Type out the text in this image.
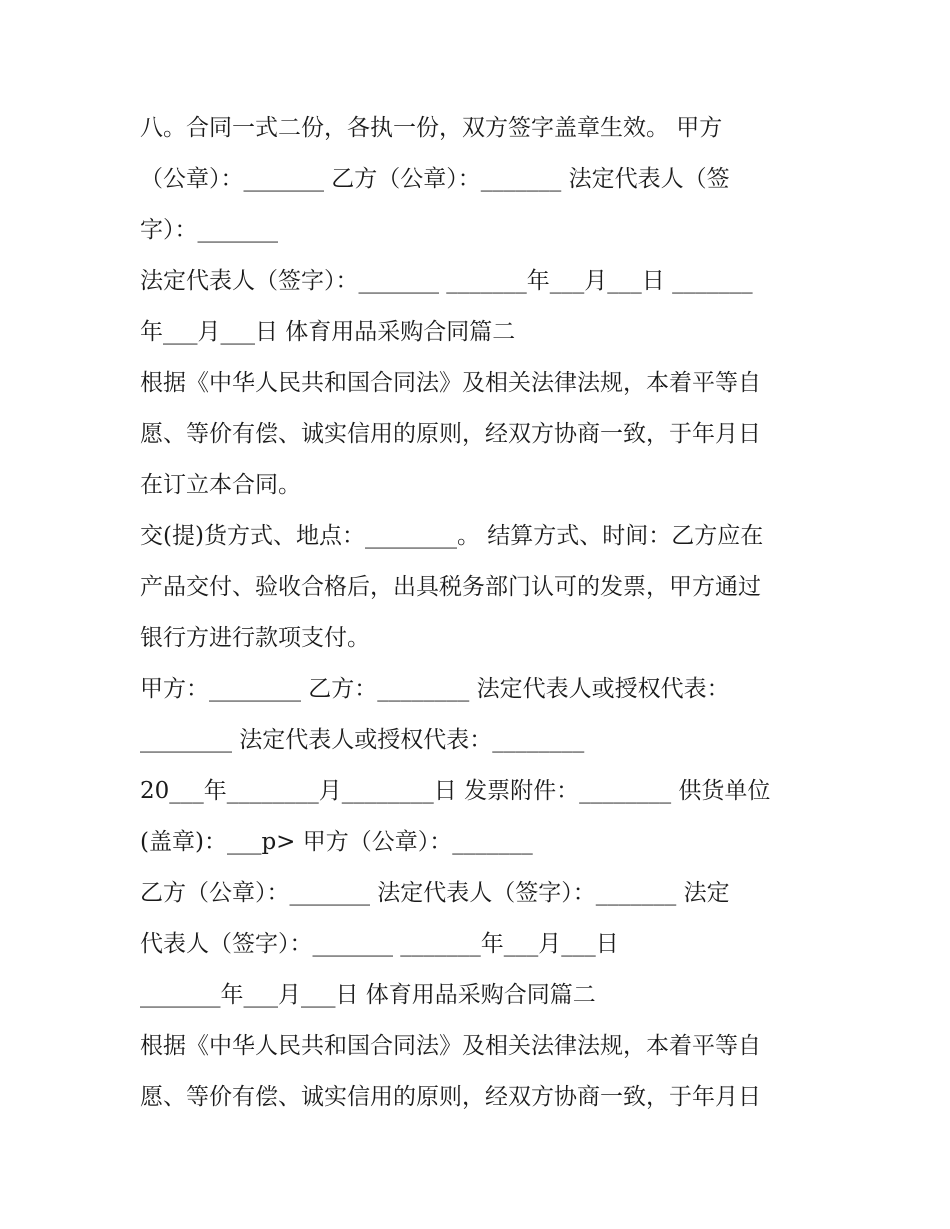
八。合同一式二份，各执一份，双方签字盖章生效。 甲方
（公章）：_______ 乙方（公章）：_______ 法定代表人（签
字）：_______
法定代表人（签字）：_______ _______年___月___日 _______
年___月___日 体育用品采购合同篇二
根据《中华人民共和国合同法》及相关法律法规，本着平等自
愿、等价有偿、诚实信用的原则，经双方协商一致，于年月日
在订立本合同。
交(提)货方式、地点：________。 结算方式、时间：乙方应在
产品交付、验收合格后，出具税务部门认可的发票，甲方通过
银行方进行款项支付。
甲方：________ 乙方：________ 法定代表人或授权代表：
________ 法定代表人或授权代表：________
20___年________月________日 发票附件：________ 供货单位
(盖章)：___p> 甲方（公章）：_______
乙方（公章）：_______ 法定代表人（签字）：_______ 法定
代表人（签字）：_______ _______年___月___日
_______年___月___日 体育用品采购合同篇二
根据《中华人民共和国合同法》及相关法律法规，本着平等自
愿、等价有偿、诚实信用的原则，经双方协商一致，于年月日
